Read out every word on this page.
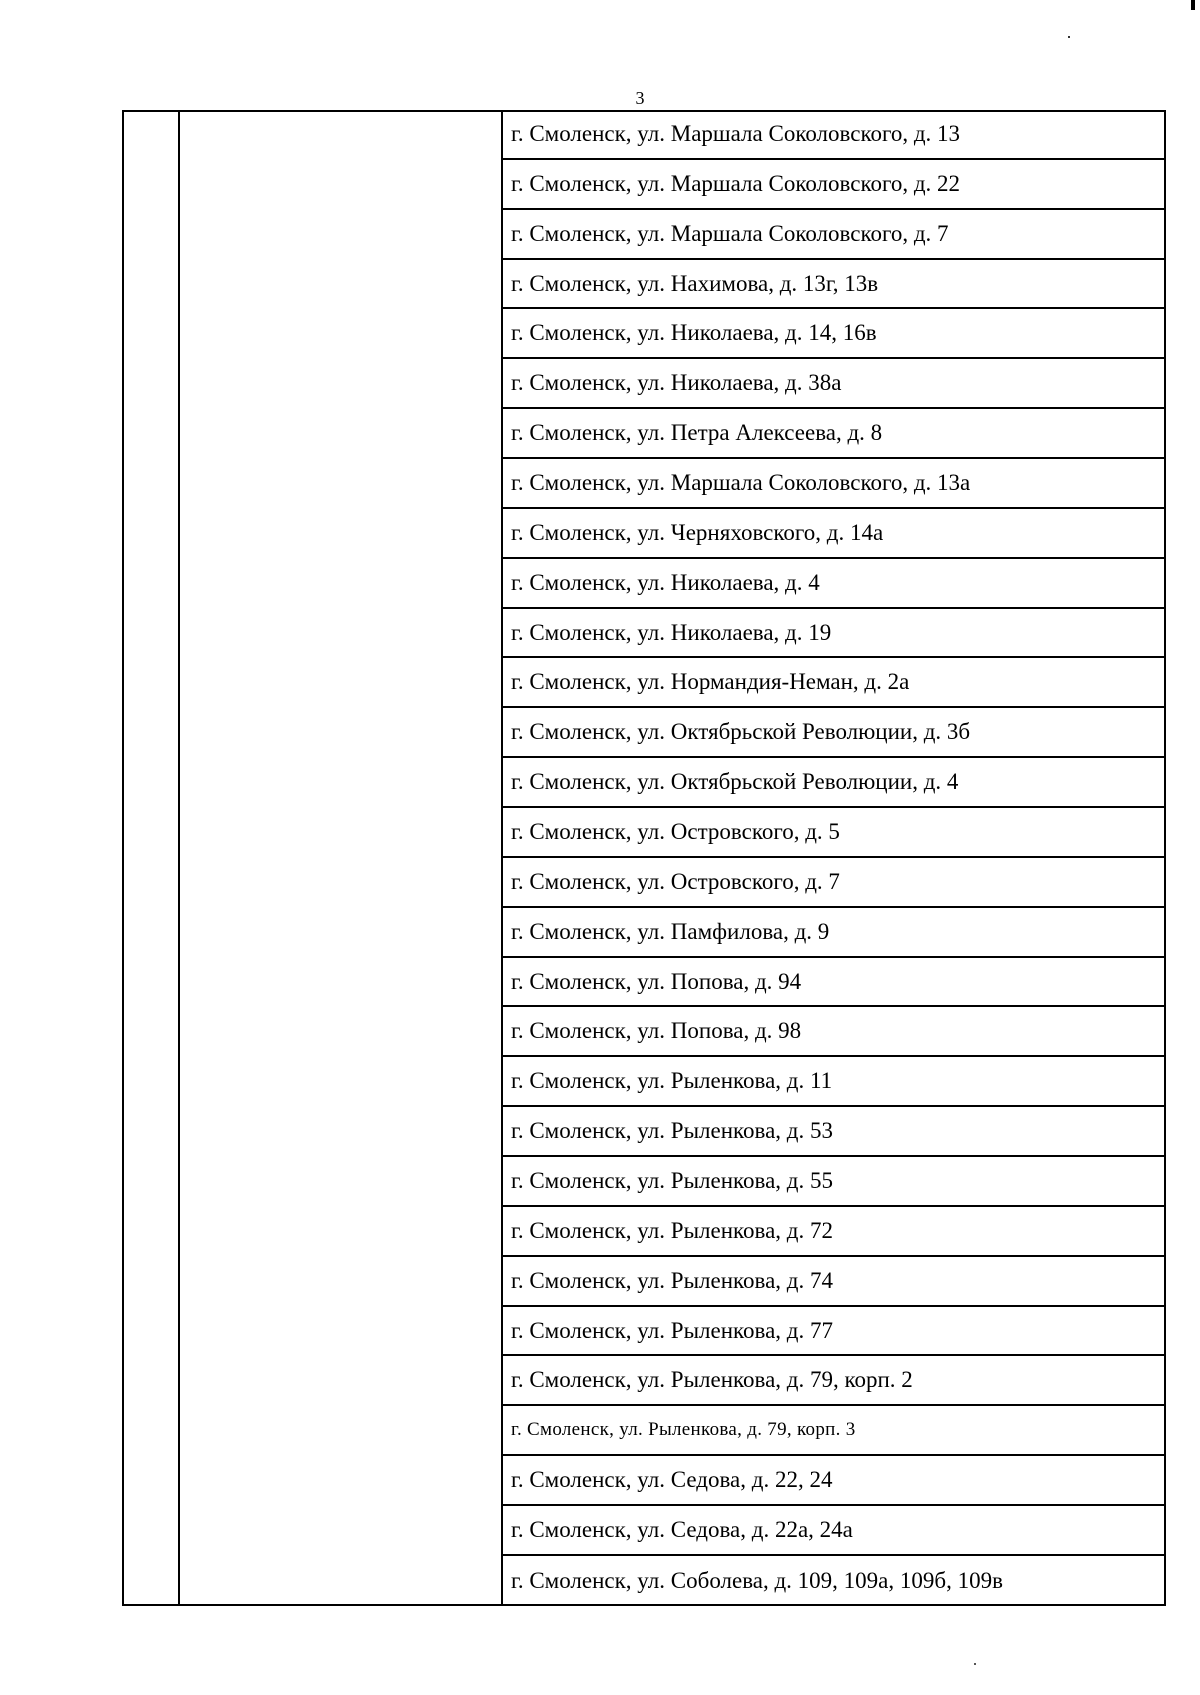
3
г. Смоленск, ул. Маршала Соколовского, д. 13
г. Смоленск, ул. Маршала Соколовского, д. 22
г. Смоленск, ул. Маршала Соколовского, д. 7
г. Смоленск, ул. Нахимова, д. 13г, 13в
г. Смоленск, ул. Николаева, д. 14, 16в
г. Смоленск, ул. Николаева, д. 38а
г. Смоленск, ул. Петра Алексеева, д. 8
г. Смоленск, ул. Маршала Соколовского, д. 13а
г. Смоленск, ул. Черняховского, д. 14а
г. Смоленск, ул. Николаева, д. 4
г. Смоленск, ул. Николаева, д. 19
г. Смоленск, ул. Нормандия-Неман, д. 2а
г. Смоленск, ул. Октябрьской Революции, д. 3б
г. Смоленск, ул. Октябрьской Революции, д. 4
г. Смоленск, ул. Островского, д. 5
г. Смоленск, ул. Островского, д. 7
г. Смоленск, ул. Памфилова, д. 9
г. Смоленск, ул. Попова, д. 94
г. Смоленск, ул. Попова, д. 98
г. Смоленск, ул. Рыленкова, д. 11
г. Смоленск, ул. Рыленкова, д. 53
г. Смоленск, ул. Рыленкова, д. 55
г. Смоленск, ул. Рыленкова, д. 72
г. Смоленск, ул. Рыленкова, д. 74
г. Смоленск, ул. Рыленкова, д. 77
г. Смоленск, ул. Рыленкова, д. 79, корп. 2
г. Смоленск, ул. Рыленкова, д. 79, корп. 3
г. Смоленск, ул. Седова, д. 22, 24
г. Смоленск, ул. Седова, д. 22а, 24а
г. Смоленск, ул. Соболева, д. 109, 109а, 109б, 109в
